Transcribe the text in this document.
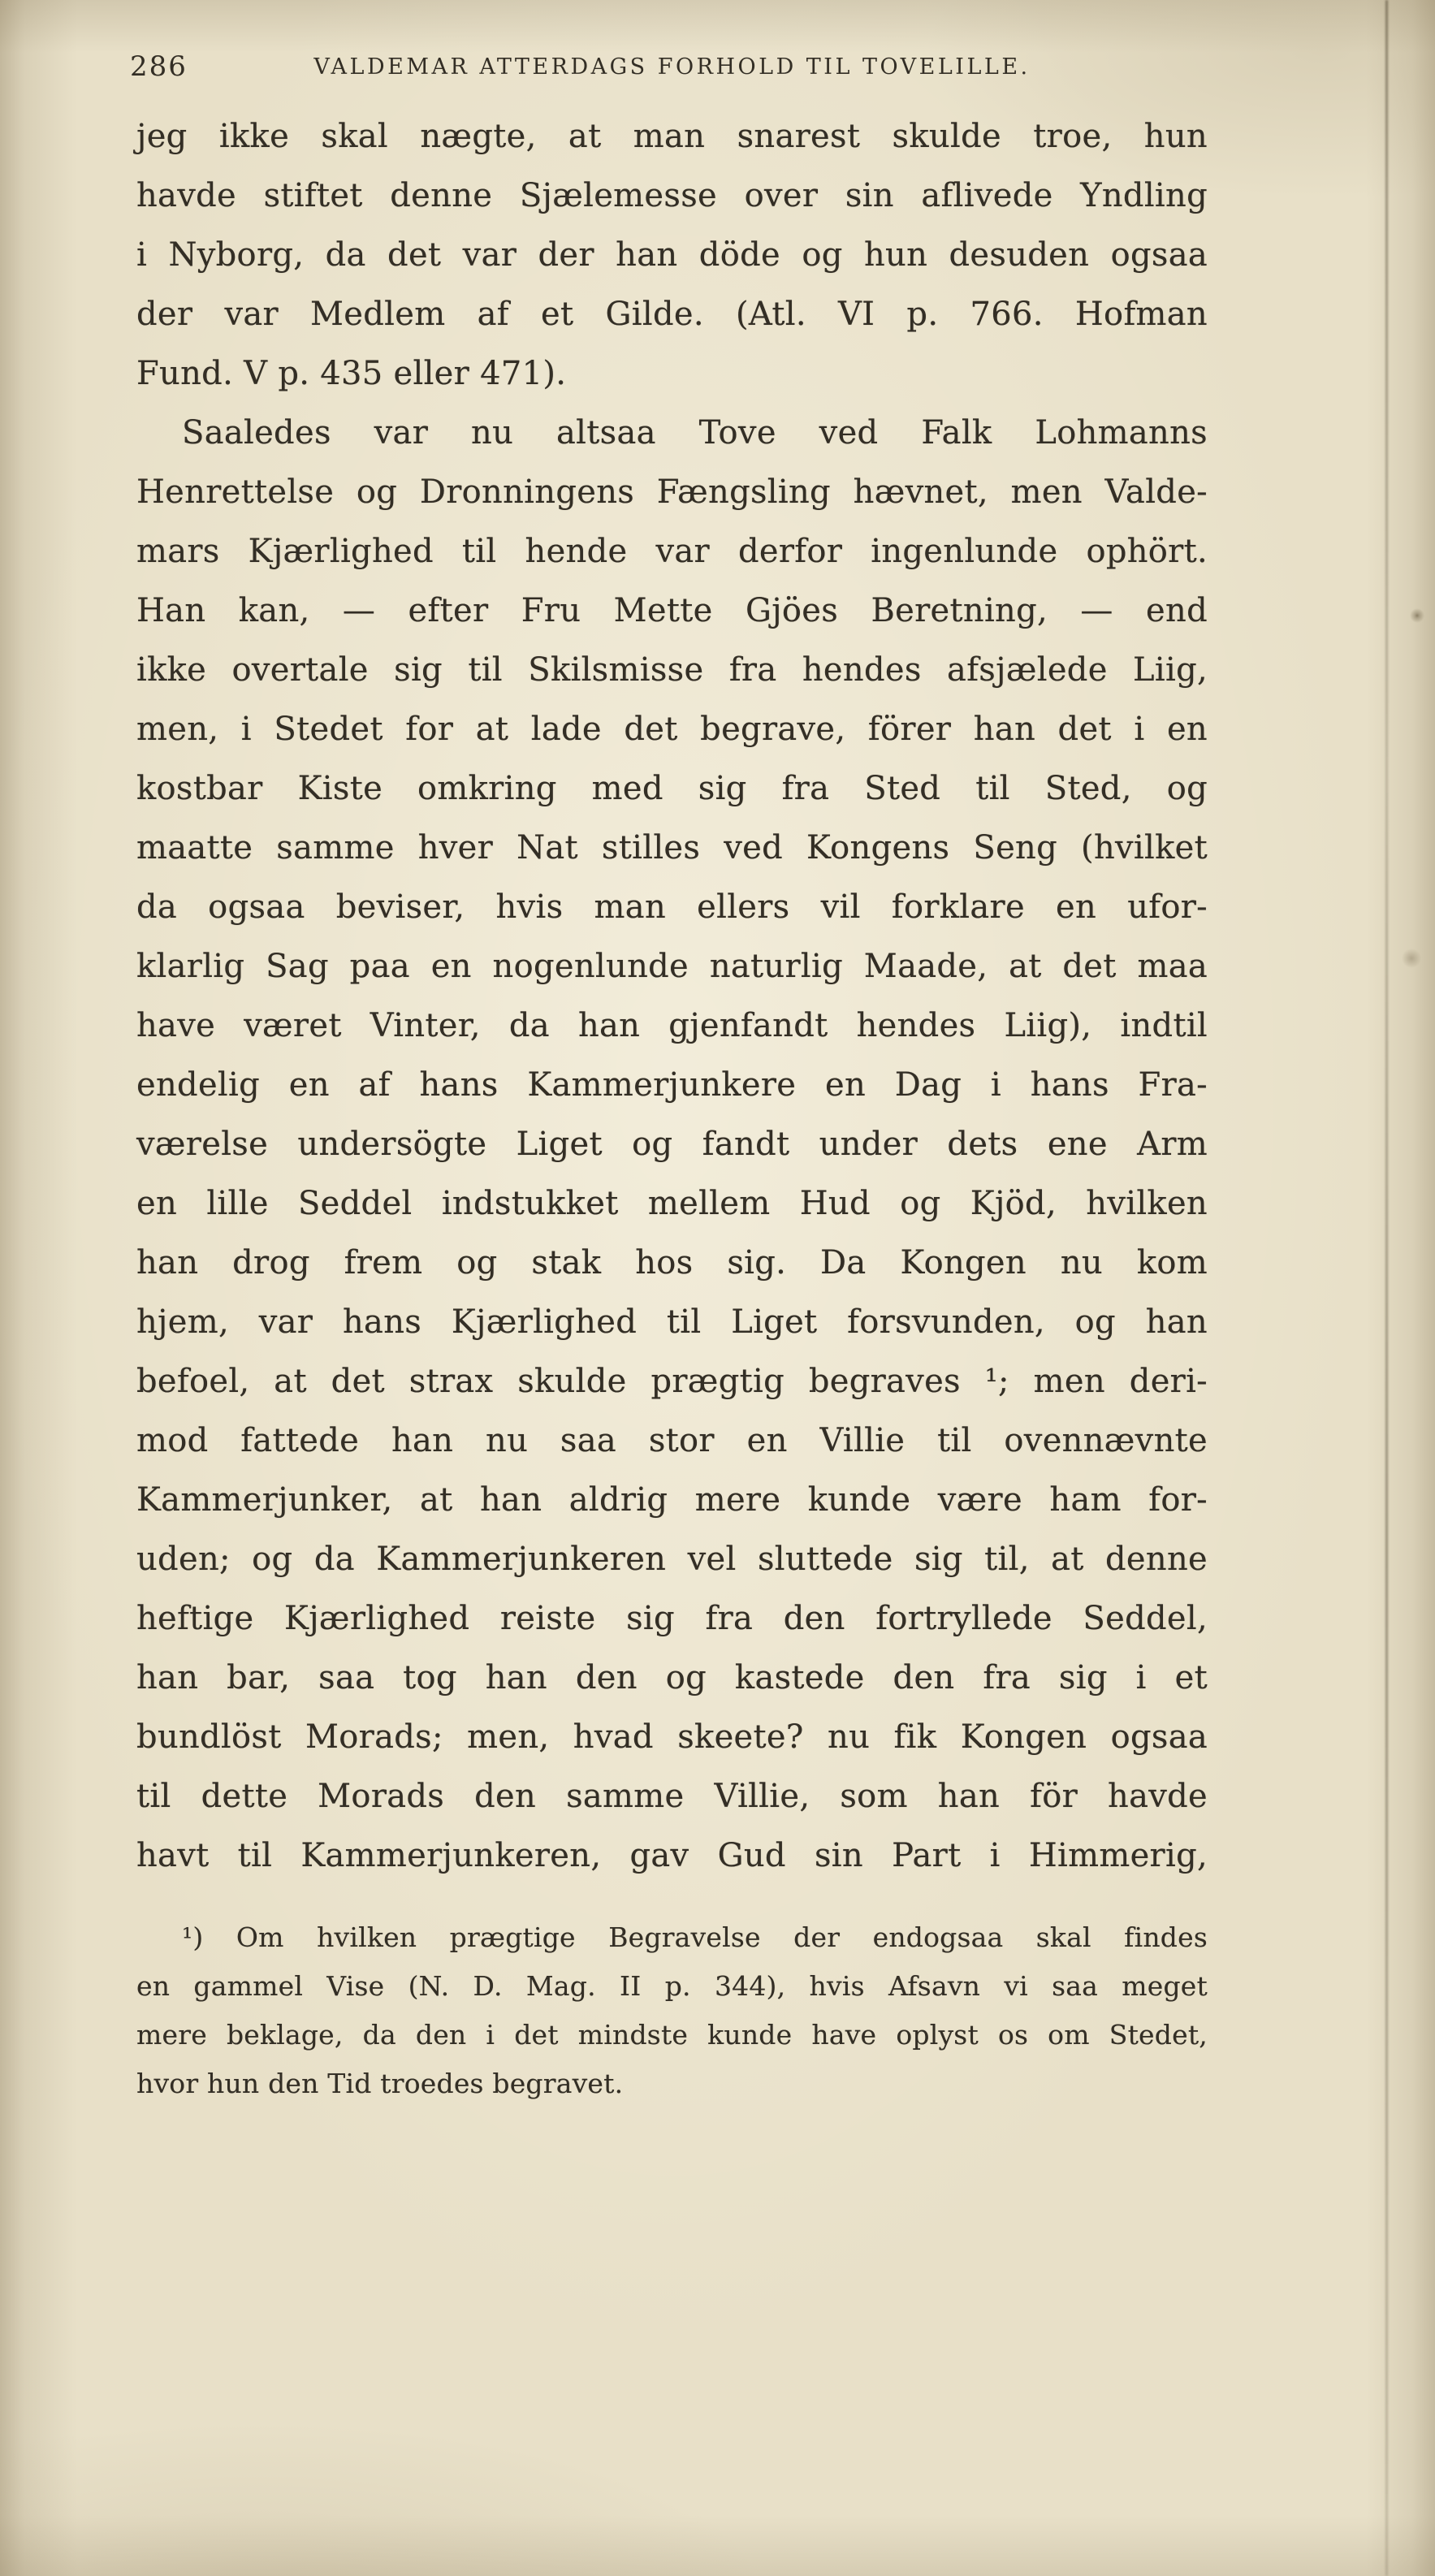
286	VALDEMAR ATTERDAGS FORHOLD TIL TOVELILLE.
jeg ikke skal nægte, at man snarest skulde troe, hun
havde stiftet denne Sjælemesse over sin aflivede Yndling
i Nyborg, da det var der han döde og hun desuden ogsaa
der var Medlem af et Gilde. (Atl. VI p. 766. Hofman
Fund. V p. 435 eller 471).
Saaledes var nu altsaa Tove ved Falk Lohmanns
Henrettelse og Dronningens Fængsling hævnet, men Valde-
mars Kjærlighed til hende var derfor ingenlunde ophört.
Han kan, — efter Fru Mette Gjöes Beretning, — end
ikke overtale sig til Skilsmisse fra hendes afsjælede Liig,
men, i Stedet for at lade det begrave, förer han det i en
kostbar Kiste omkring med sig fra Sted til Sted, og
maatte samme hver Nat stilles ved Kongens Seng (hvilket
da ogsaa beviser, hvis man ellers vil forklare en ufor-
klarlig Sag paa en nogenlunde naturlig Maade, at det maa
have været Vinter, da han gjenfandt hendes Liig), indtil
endelig en af hans Kammerjunkere en Dag i hans Fra-
værelse undersögte Liget og fandt under dets ene Arm
en lille Seddel indstukket mellem Hud og Kjöd, hvilken
han drog frem og stak hos sig. Da Kongen nu kom
hjem, var hans Kjærlighed til Liget forsvunden, og han
befoel, at det strax skulde prægtig begraves ¹; men deri-
mod fattede han nu saa stor en Villie til ovennævnte
Kammerjunker, at han aldrig mere kunde være ham for-
uden; og da Kammerjunkeren vel sluttede sig til, at denne
heftige Kjærlighed reiste sig fra den fortryllede Seddel,
han bar, saa tog han den og kastede den fra sig i et
bundlöst Morads; men, hvad skeete? nu fik Kongen ogsaa
til dette Morads den samme Villie, som han för havde
havt til Kammerjunkeren, gav Gud sin Part i Himmerig,
¹) Om hvilken prægtige Begravelse der endogsaa skal findes
en gammel Vise (N. D. Mag. II p. 344), hvis Afsavn vi saa meget
mere beklage, da den i det mindste kunde have oplyst os om Stedet,
hvor hun den Tid troedes begravet.
